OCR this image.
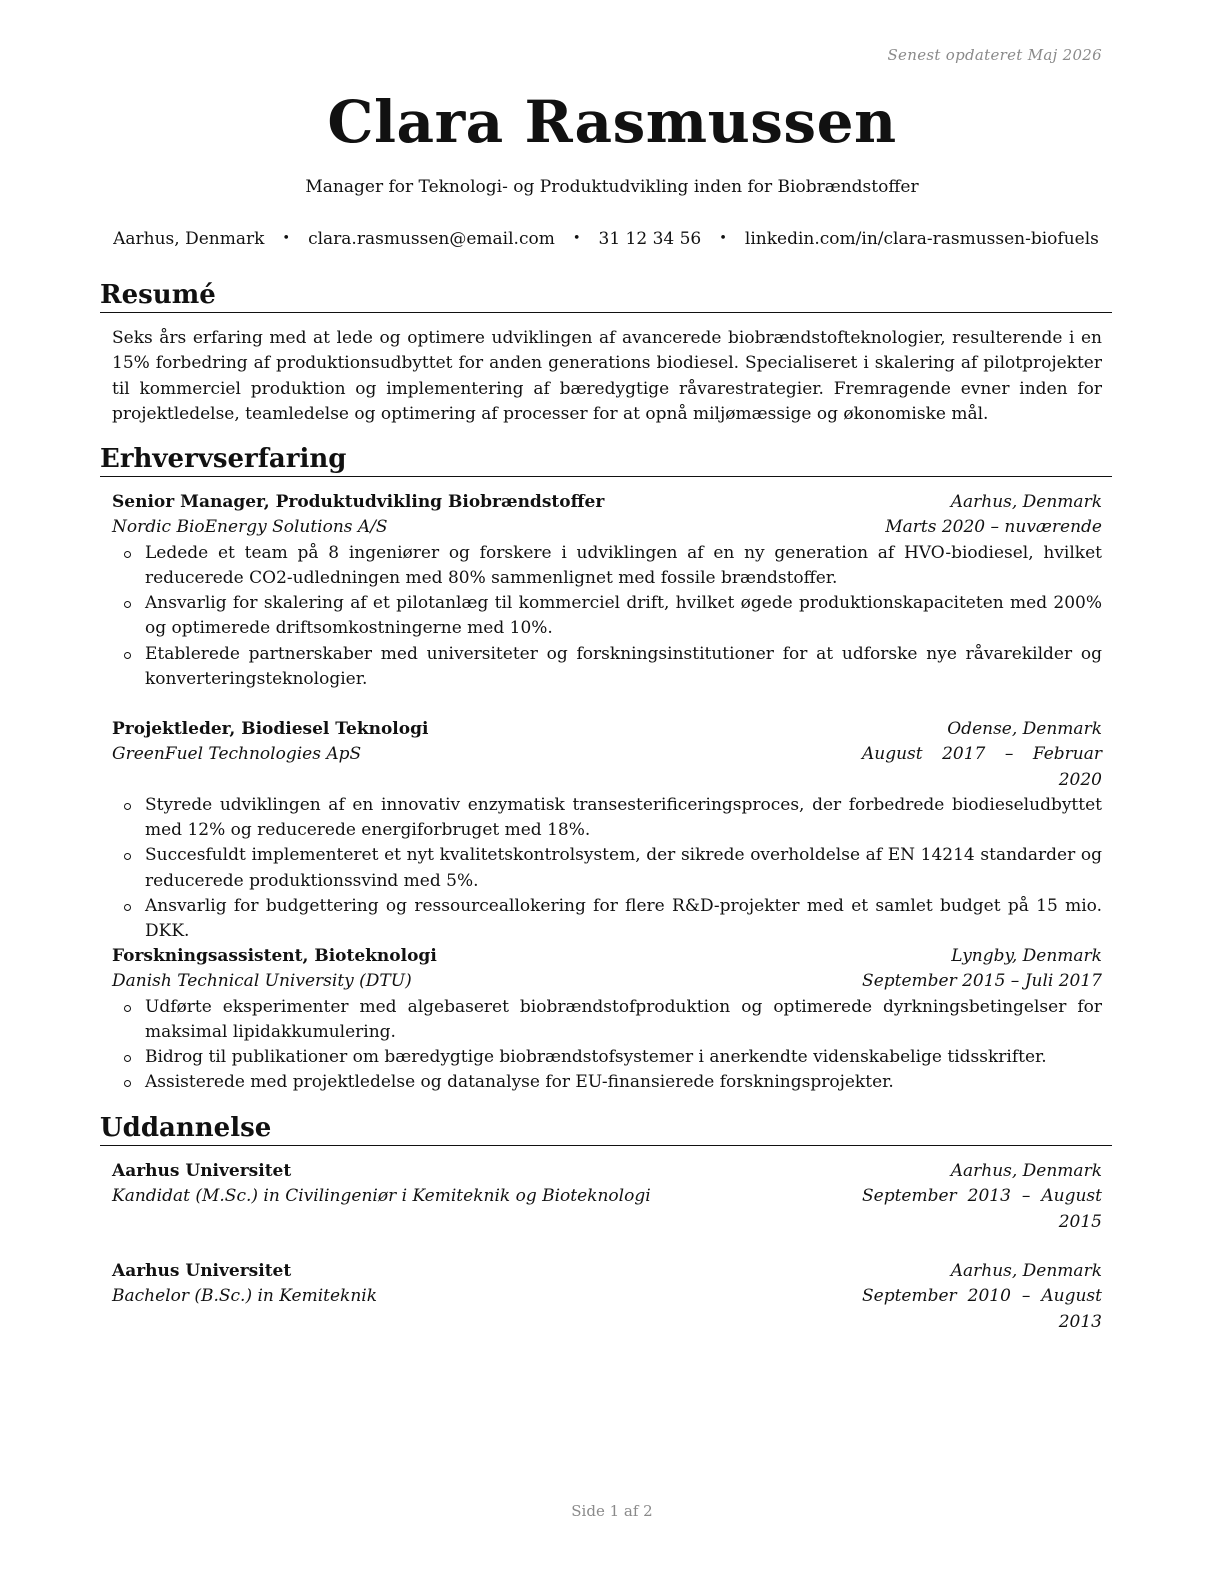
Senest opdateret Maj 2026
Clara Rasmussen
Manager for Teknologi- og Produktudvikling inden for Biobrændstoffer
Aarhus, Denmark • clara.rasmussen@email.com • 31 12 34 56 • linkedin.com/in/clara-rasmussen-biofuels
Resumé
Seks års erfaring med at lede og optimere udviklingen af avancerede biobrændstofteknologier, resulterende i en 15% forbedring af produktionsudbyttet for anden generations biodiesel. Specialiseret i skalering af pilotprojekter til kommerciel produktion og implementering af bæredygtige råvarestrategier. Fremragende evner inden for projektledelse, teamledelse og optimering af processer for at opnå miljømæssige og økonomiske mål.
Erhvervserfaring
Senior Manager, Produktudvikling Biobrændstoffer	Aarhus, Denmark
Nordic BioEnergy Solutions A/S	Marts 2020 – nuværende
Ledede et team på 8 ingeniører og forskere i udviklingen af en ny generation af HVO-biodiesel, hvilket reducerede CO2-udledningen med 80% sammenlignet med fossile brændstoffer.
Ansvarlig for skalering af et pilotanlæg til kommerciel drift, hvilket øgede produktionskapaciteten med 200% og optimerede driftsomkostningerne med 10%.
Etablerede partnerskaber med universiteter og forskningsinstitutioner for at udforske nye råvarekilder og konverteringsteknologier.
Projektleder, Biodiesel Teknologi	Odense, Denmark
GreenFuel Technologies ApS	August 2017 – Februar 2020
Styrede udviklingen af en innovativ enzymatisk transesterificeringsproces, der forbedrede biodieseludbyttet med 12% og reducerede energiforbruget med 18%.
Succesfuldt implementeret et nyt kvalitetskontrolsystem, der sikrede overholdelse af EN 14214 standarder og reducerede produktionssvind med 5%.
Ansvarlig for budgettering og ressourceallokering for flere R&D-projekter med et samlet budget på 15 mio. DKK.
Forskningsassistent, Bioteknologi	Lyngby, Denmark
Danish Technical University (DTU)	September 2015 – Juli 2017
Udførte eksperimenter med algebaseret biobrændstofproduktion og optimerede dyrkningsbetingelser for maksimal lipidakkumulering.
Bidrog til publikationer om bæredygtige biobrændstofsystemer i anerkendte videnskabelige tidsskrifter.
Assisterede med projektledelse og datanalyse for EU-finansierede forskningsprojekter.
Uddannelse
Aarhus Universitet	Aarhus, Denmark
Kandidat (M.Sc.) in Civilingeniør i Kemiteknik og Bioteknologi	September 2013 – August 2015
Aarhus Universitet	Aarhus, Denmark
Bachelor (B.Sc.) in Kemiteknik	September 2010 – August 2013
Side 1 af 2
